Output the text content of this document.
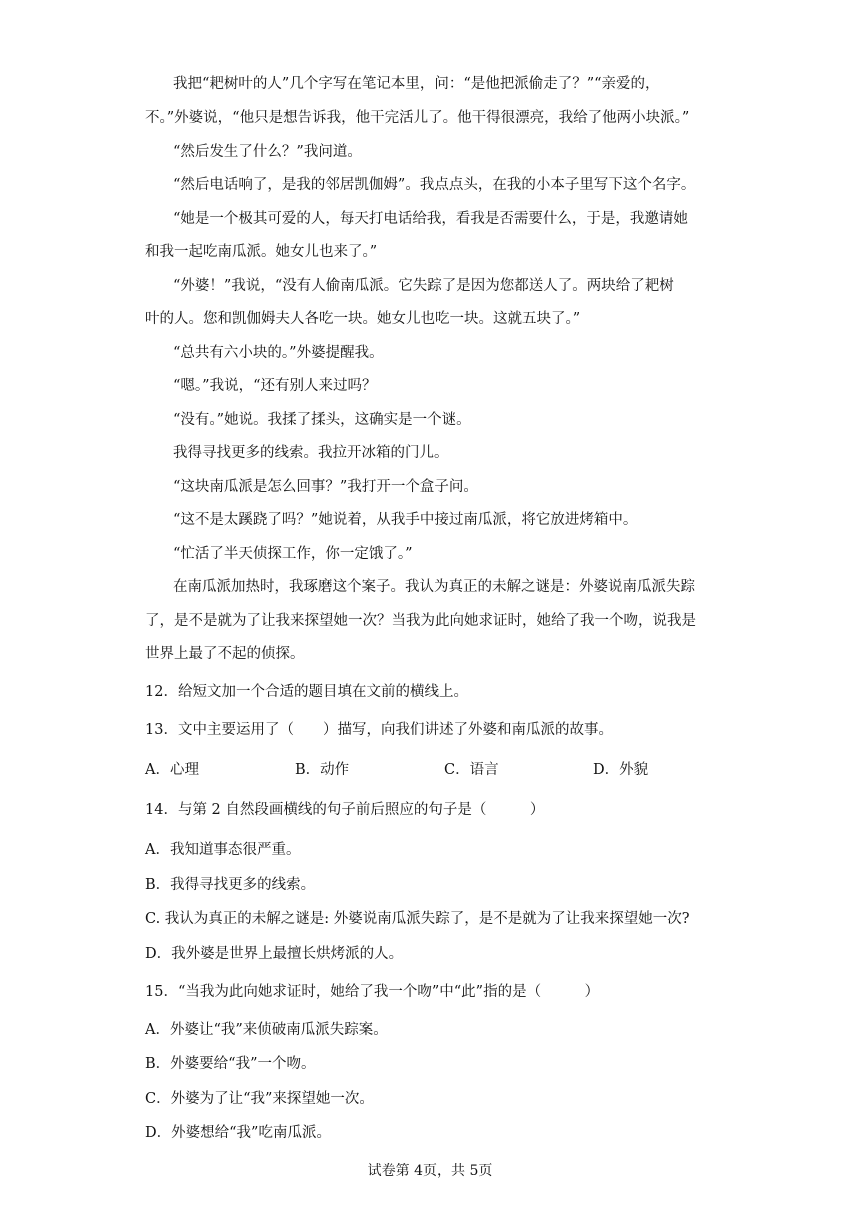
我把“耙树叶的人”几个字写在笔记本里，问：“是他把派偷走了？”“亲爱的，
不。”外婆说，“他只是想告诉我，他干完活儿了。他干得很漂亮，我给了他两小块派。”
“然后发生了什么？”我问道。
“然后电话响了，是我的邻居凯伽姆”。我点点头，在我的小本子里写下这个名字。
“她是一个极其可爱的人，每天打电话给我，看我是否需要什么，于是，我邀请她
和我一起吃南瓜派。她女儿也来了。”
“外婆！”我说，“没有人偷南瓜派。它失踪了是因为您都送人了。两块给了耙树
叶的人。您和凯伽姆夫人各吃一块。她女儿也吃一块。这就五块了。”
“总共有六小块的。”外婆提醒我。
“嗯。”我说，“还有别人来过吗？
“没有。”她说。我揉了揉头，这确实是一个谜。
我得寻找更多的线索。我拉开冰箱的门儿。
“这块南瓜派是怎么回事？”我打开一个盒子问。
“这不是太蹊跷了吗？”她说着，从我手中接过南瓜派，将它放进烤箱中。
“忙活了半天侦探工作，你一定饿了。”
在南瓜派加热时，我琢磨这个案子。我认为真正的未解之谜是：外婆说南瓜派失踪
了，是不是就为了让我来探望她一次？当我为此向她求证时，她给了我一个吻，说我是
世界上最了不起的侦探。
12．给短文加一个合适的题目填在文前的横线上。
13．文中主要运用了（　　）描写，向我们讲述了外婆和南瓜派的故事。
A．心理	B．动作	C．语言	D．外貌
14．与第 2 自然段画横线的句子前后照应的句子是（　　　）
A．我知道事态很严重。
B．我得寻找更多的线索。
C. 我认为真正的未解之谜是: 外婆说南瓜派失踪了，是不是就为了让我来探望她一次?
D．我外婆是世界上最擅长烘烤派的人。
15．“当我为此向她求证时，她给了我一个吻”中“此”指的是（　　　）
A．外婆让“我”来侦破南瓜派失踪案。
B．外婆要给“我”一个吻。
C．外婆为了让“我”来探望她一次。
D．外婆想给“我”吃南瓜派。
试卷第 4页，共 5页
